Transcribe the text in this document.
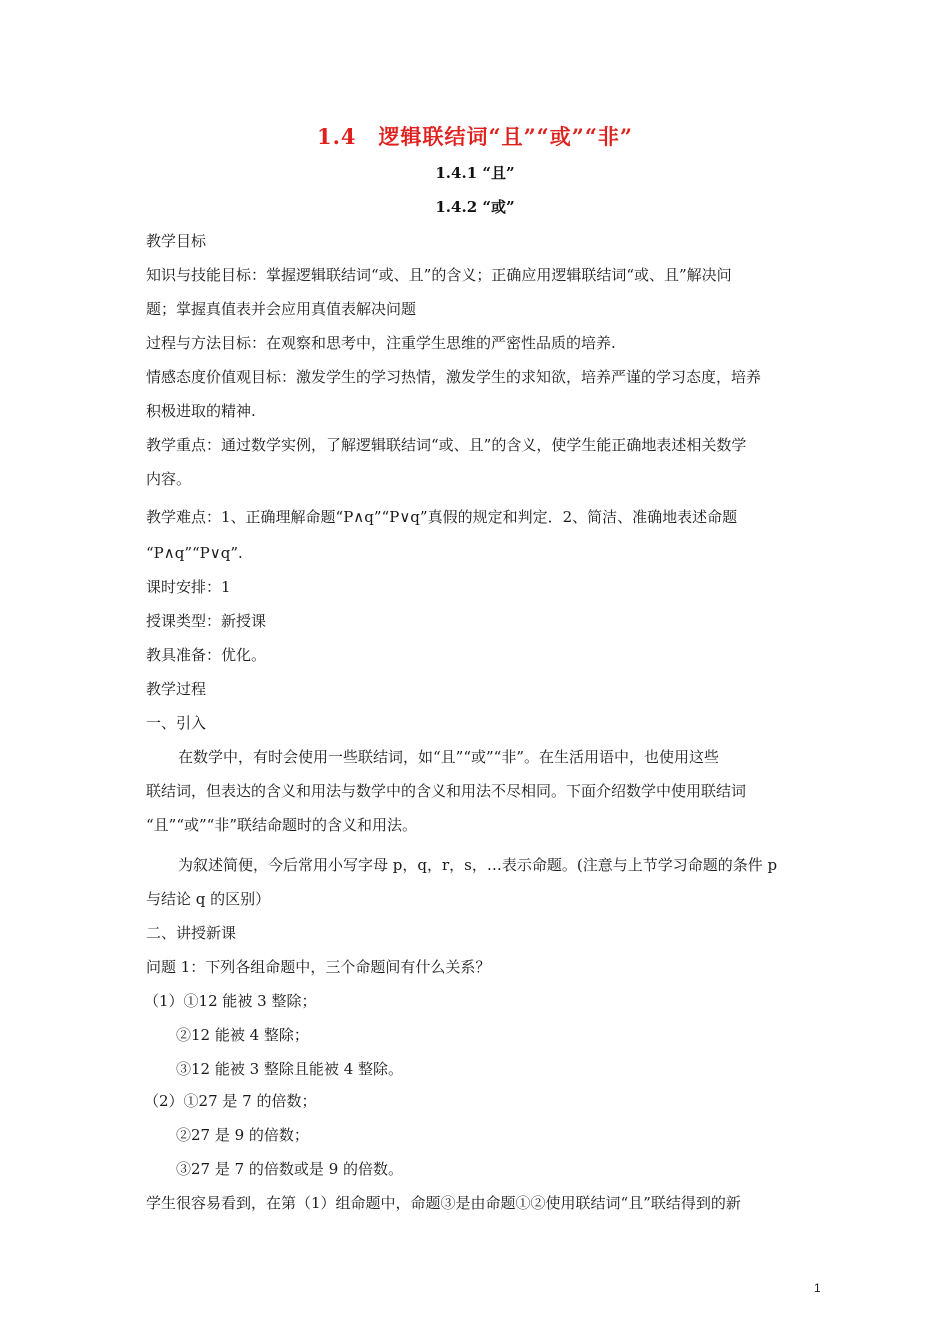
1.4　逻辑联结词“且”“或”“非”
1.4.1 “且”
1.4.2 “或”
教学目标
知识与技能目标：掌握逻辑联结词“或、且”的含义；正确应用逻辑联结词“或、且”解决问
题；掌握真值表并会应用真值表解决问题
过程与方法目标：在观察和思考中，注重学生思维的严密性品质的培养.
情感态度价值观目标：激发学生的学习热情，激发学生的求知欲，培养严谨的学习态度，培养
积极进取的精神.
教学重点：通过数学实例，了解逻辑联结词“或、且”的含义，使学生能正确地表述相关数学
内容。
教学难点：1、正确理解命题“P∧q”“P∨q”真假的规定和判定．2、简洁、准确地表述命题
“P∧q”“P∨q”.
课时安排：1
授课类型：新授课
教具准备：优化。
教学过程
一、引入
在数学中，有时会使用一些联结词，如“且”“或”“非”。在生活用语中，也使用这些
联结词，但表达的含义和用法与数学中的含义和用法不尽相同。下面介绍数学中使用联结词
“且”“或”“非”联结命题时的含义和用法。
为叙述简便，今后常用小写字母 p，q，r，s，…表示命题。(注意与上节学习命题的条件 p
与结论 q 的区别）
二、讲授新课
问题 1：下列各组命题中，三个命题间有什么关系？
（1）①12 能被 3 整除；
②12 能被 4 整除；
③12 能被 3 整除且能被 4 整除。
（2）①27 是 7 的倍数；
②27 是 9 的倍数；
③27 是 7 的倍数或是 9 的倍数。
学生很容易看到，在第（1）组命题中，命题③是由命题①②使用联结词“且”联结得到的新
1
